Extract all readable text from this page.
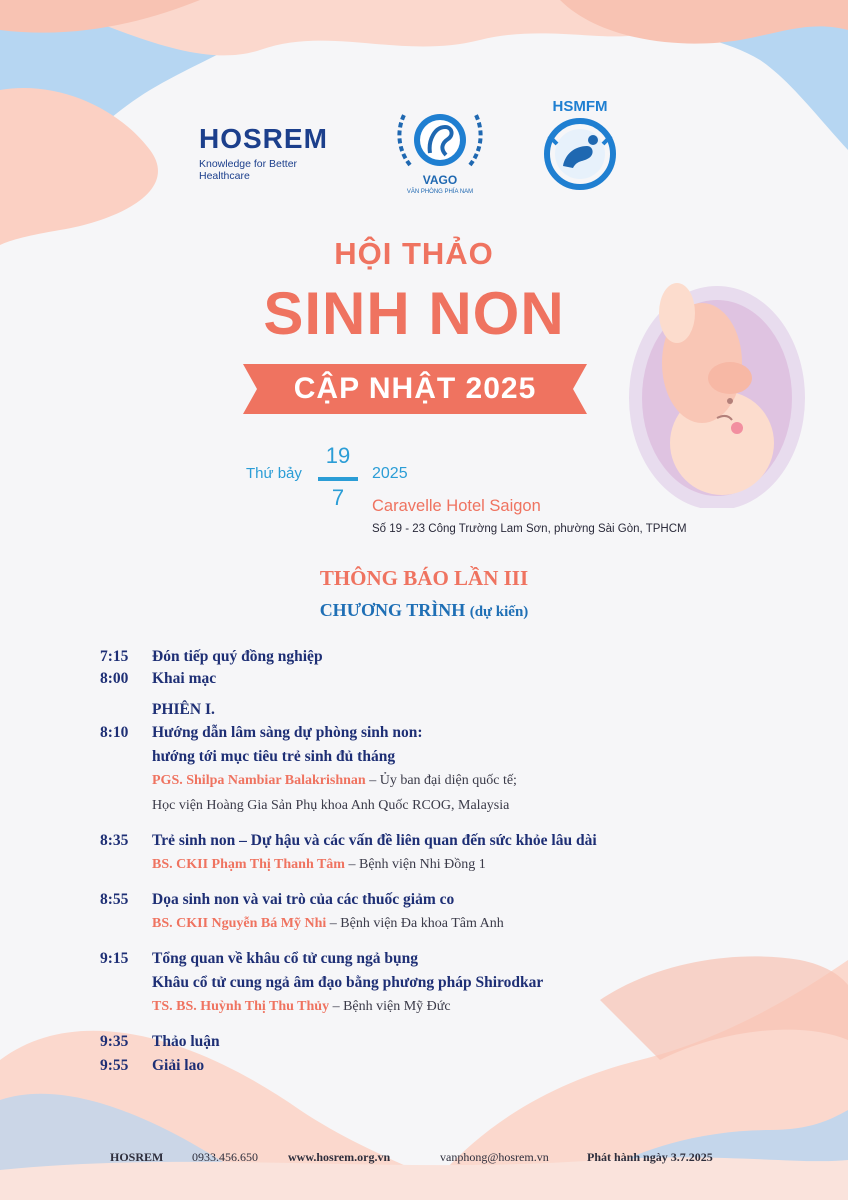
HOSREM
Knowledge for Better Healthcare	VAGO
VĂN PHÒNG PHÍA NAM
HSMFM
HỘI THẢO
SINH NON
CẬP NHẬT 2025
Thứ bảy
19
7
2025
Caravelle Hotel Saigon
Số 19 - 23 Công Trường Lam Sơn, phường Sài Gòn, TPHCM
THÔNG BÁO LẦN III
CHƯƠNG TRÌNH (dự kiến)
7:15	Đón tiếp quý đồng nghiệp
8:00	Khai mạc
PHIÊN I.
8:10	Hướng dẫn lâm sàng dự phòng sinh non:
hướng tới mục tiêu trẻ sinh đủ tháng
PGS. Shilpa Nambiar Balakrishnan – Ủy ban đại diện quốc tế;
Học viện Hoàng Gia Sản Phụ khoa Anh Quốc RCOG, Malaysia
8:35	Trẻ sinh non – Dự hậu và các vấn đề liên quan đến sức khỏe lâu dài
BS. CKII Phạm Thị Thanh Tâm – Bệnh viện Nhi Đồng 1
8:55	Dọa sinh non và vai trò của các thuốc giảm co
BS. CKII Nguyễn Bá Mỹ Nhi – Bệnh viện Đa khoa Tâm Anh
9:15	Tổng quan về khâu cổ tử cung ngả bụng
Khâu cổ tử cung ngả âm đạo bằng phương pháp Shirodkar
TS. BS. Huỳnh Thị Thu Thủy – Bệnh viện Mỹ Đức
9:35	Thảo luận
9:55	Giải lao
HOSREM 0933.456.650	www.hosrem.org.vn	vanphong@hosrem.vn	Phát hành ngày 3.7.2025
